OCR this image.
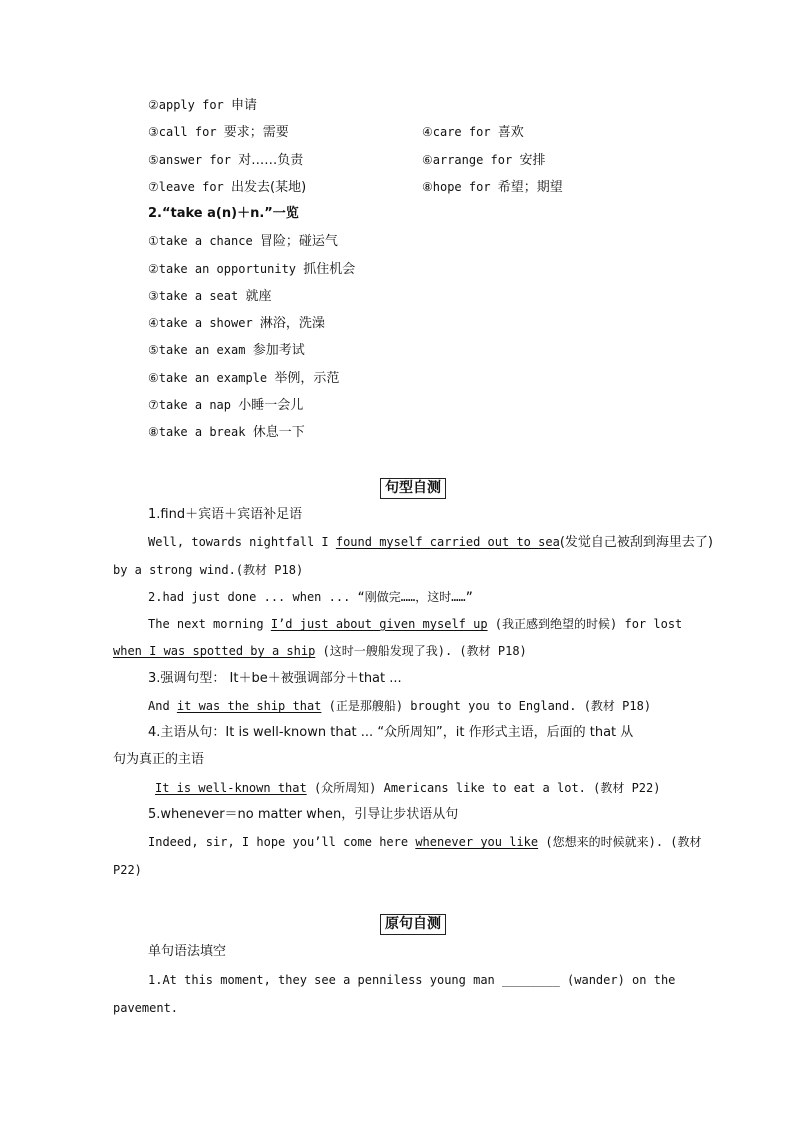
②apply for 申请
③call for 要求；需要	④care for 喜欢
⑤answer for 对……负责	⑥arrange for 安排
⑦leave for 出发去(某地)	⑧hope for 希望；期望
2.“take a(n)＋n.”一览
①take a chance 冒险；碰运气
②take an opportunity 抓住机会
③take a seat 就座
④take a shower 淋浴，洗澡
⑤take an exam 参加考试
⑥take an example 举例，示范
⑦take a nap 小睡一会儿
⑧take a break 休息一下
句型自测
1.find＋宾语＋宾语补足语
Well, towards nightfall I found myself carried out to sea(发觉自己被刮到海里去了)
by a strong wind.(教材 P18)
2.had just done ... when ... “刚做完……，这时……”
The next morning I’d just about given myself up (我正感到绝望的时候) for lost
when I was spotted by a ship (这时一艘船发现了我). (教材 P18)
3.强调句型： It＋be＋被强调部分＋that ...
And it was the ship that (正是那艘船) brought you to England. (教材 P18)
4.主语从句：It is well-known that ... “众所周知”，it 作形式主语，后面的 that 从
句为真正的主语
It is well-known that (众所周知) Americans like to eat a lot. (教材 P22)
5.whenever＝no matter when，引导让步状语从句
Indeed, sir, I hope you’ll come here whenever you like (您想来的时候就来). (教材
P22)
原句自测
单句语法填空
1.At this moment, they see a penniless young man ________ (wander) on the
pavement.
